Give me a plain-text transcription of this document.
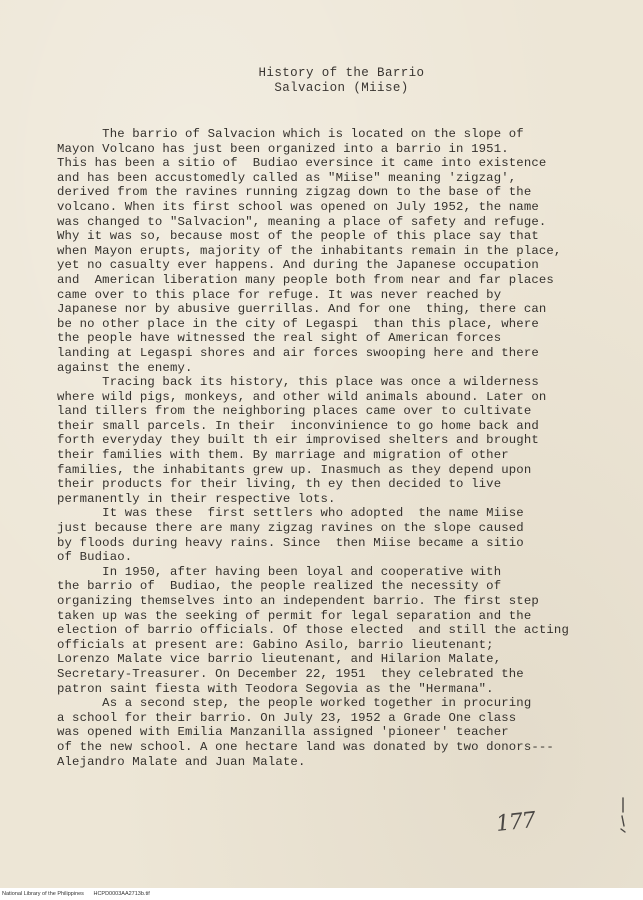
History of the Barrio
Salvacion (Miise)
The barrio of Salvacion which is located on the slope of
Mayon Volcano has just been organized into a barrio in 1951.
This has been a sitio of  Budiao eversince it came into existence
and has been accustomedly called as "Miise" meaning 'zigzag',
derived from the ravines running zigzag down to the base of the
volcano. When its first school was opened on July 1952, the name
was changed to "Salvacion", meaning a place of safety and refuge.
Why it was so, because most of the people of this place say that
when Mayon erupts, majority of the inhabitants remain in the place,
yet no casualty ever happens. And during the Japanese occupation
and  American liberation many people both from near and far places
came over to this place for refuge. It was never reached by
Japanese nor by abusive guerrillas. And for one  thing, there can
be no other place in the city of Legaspi  than this place, where
the people have witnessed the real sight of American forces
landing at Legaspi shores and air forces swooping here and there
against the enemy.
Tracing back its history, this place was once a wilderness
where wild pigs, monkeys, and other wild animals abound. Later on
land tillers from the neighboring places came over to cultivate
their small parcels. In their  inconvinience to go home back and
forth everyday they built th eir improvised shelters and brought
their families with them. By marriage and migration of other
families, the inhabitants grew up. Inasmuch as they depend upon
their products for their living, th ey then decided to live
permanently in their respective lots.
It was these  first settlers who adopted  the name Miise
just because there are many zigzag ravines on the slope caused
by floods during heavy rains. Since  then Miise became a sitio
of Budiao.
In 1950, after having been loyal and cooperative with
the barrio of  Budiao, the people realized the necessity of
organizing themselves into an independent barrio. The first step
taken up was the seeking of permit for legal separation and the
election of barrio officials. Of those elected  and still the acting
officials at present are: Gabino Asilo, barrio lieutenant;
Lorenzo Malate vice barrio lieutenant, and Hilarion Malate,
Secretary-Treasurer. On December 22, 1951  they celebrated the
patron saint fiesta with Teodora Segovia as the "Hermana".
As a second step, the people worked together in procuring
a school for their barrio. On July 23, 1952 a Grade One class
was opened with Emilia Manzanilla assigned 'pioneer' teacher
of the new school. A one hectare land was donated by two donors---
Alejandro Malate and Juan Malate.
177
National Library of the Philippines HCPD0003AA2713b.tif
